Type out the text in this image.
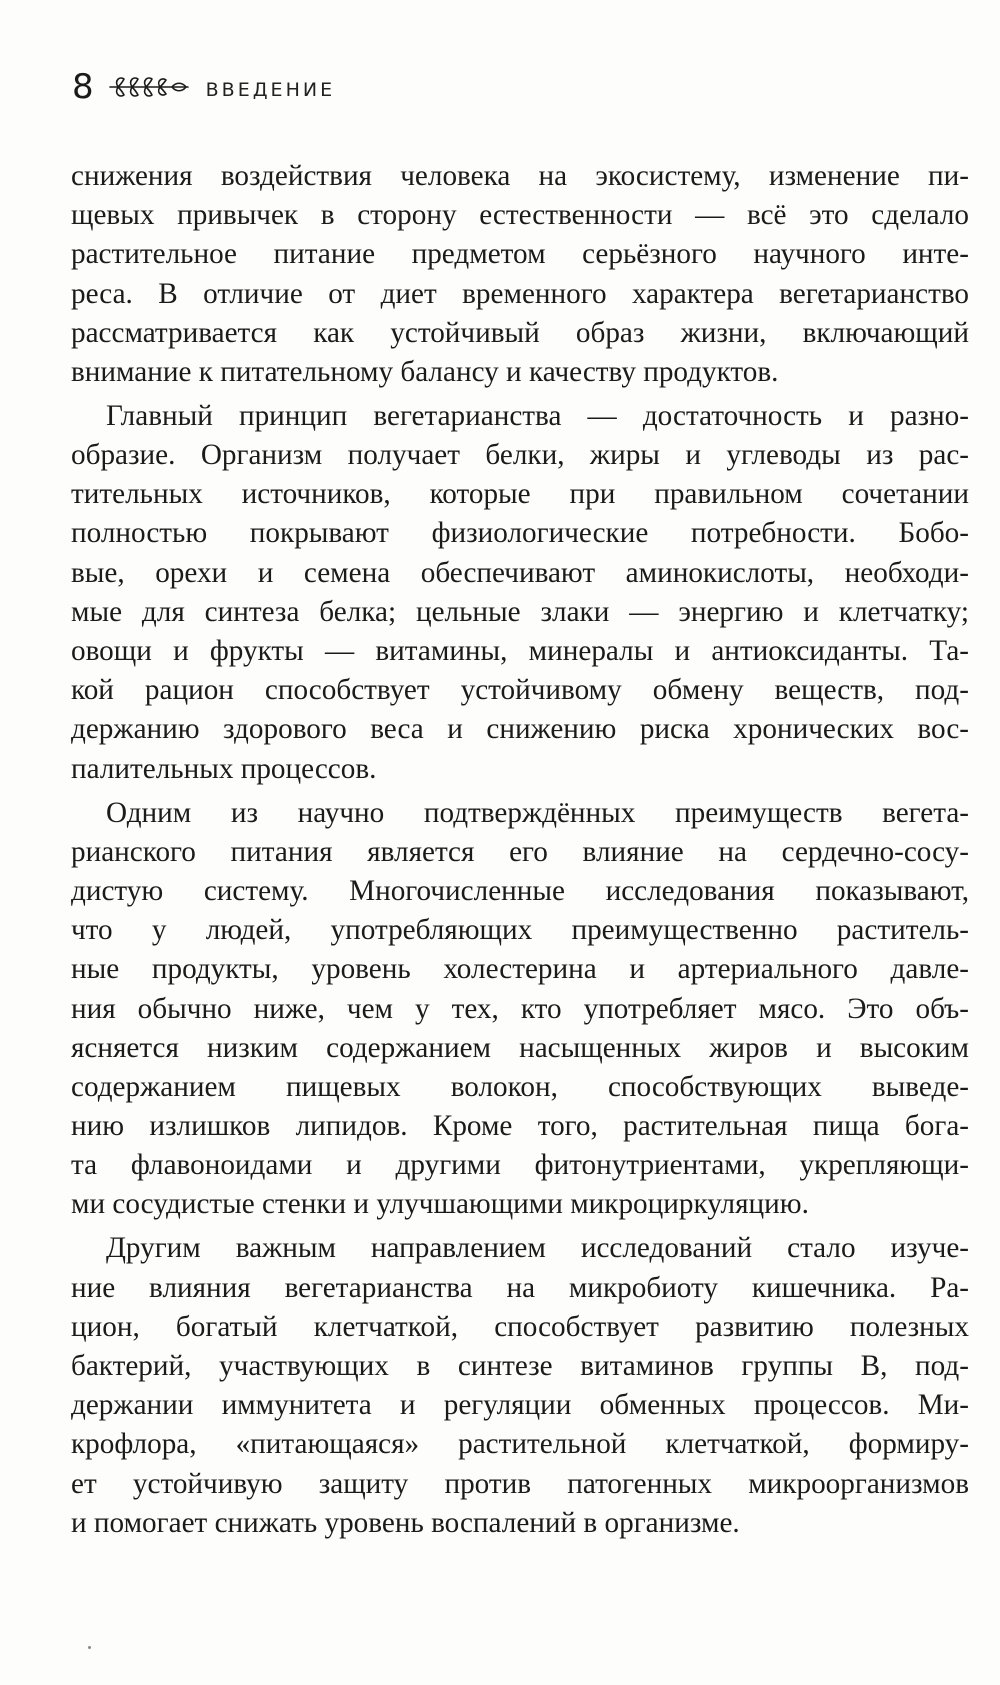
8	ВВЕДЕНИЕ
снижения воздействия человека на экосистему, изменение пи-
щевых привычек в сторону естественности — всё это сделало
растительное питание предметом серьёзного научного инте-
реса. В отличие от диет временного характера вегетарианство
рассматривается как устойчивый образ жизни, включающий
внимание к питательному балансу и качеству продуктов.
Главный принцип вегетарианства — достаточность и разно-
образие. Организм получает белки, жиры и углеводы из рас-
тительных источников, которые при правильном сочетании
полностью покрывают физиологические потребности. Бобо-
вые, орехи и семена обеспечивают аминокислоты, необходи-
мые для синтеза белка; цельные злаки — энергию и клетчатку;
овощи и фрукты — витамины, минералы и антиоксиданты. Та-
кой рацион способствует устойчивому обмену веществ, под-
держанию здорового веса и снижению риска хронических вос-
палительных процессов.
Одним из научно подтверждённых преимуществ вегета-
рианского питания является его влияние на сердечно-сосу-
дистую систему. Многочисленные исследования показывают,
что у людей, употребляющих преимущественно раститель-
ные продукты, уровень холестерина и артериального давле-
ния обычно ниже, чем у тех, кто употребляет мясо. Это объ-
ясняется низким содержанием насыщенных жиров и высоким
содержанием пищевых волокон, способствующих выведе-
нию излишков липидов. Кроме того, растительная пища бога-
та флавоноидами и другими фитонутриентами, укрепляющи-
ми сосудистые стенки и улучшающими микроциркуляцию.
Другим важным направлением исследований стало изуче-
ние влияния вегетарианства на микробиоту кишечника. Ра-
цион, богатый клетчаткой, способствует развитию полезных
бактерий, участвующих в синтезе витаминов группы В, под-
держании иммунитета и регуляции обменных процессов. Ми-
крофлора, «питающаяся» растительной клетчаткой, формиру-
ет устойчивую защиту против патогенных микроорганизмов
и помогает снижать уровень воспалений в организме.
